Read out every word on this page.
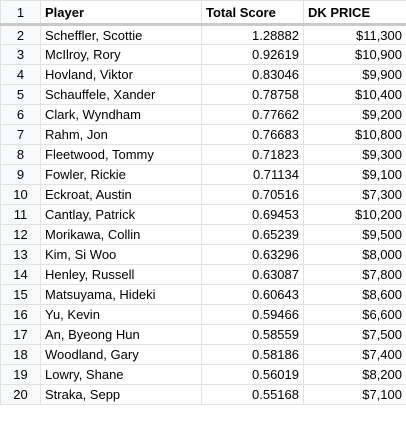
1	Player	Total Score	DK PRICE
2	Scheffler, Scottie	1.28882	$11,300
3	McIlroy, Rory	0.92619	$10,900
4	Hovland, Viktor	0.83046	$9,900
5	Schauffele, Xander	0.78758	$10,400
6	Clark, Wyndham	0.77662	$9,200
7	Rahm, Jon	0.76683	$10,800
8	Fleetwood, Tommy	0.71823	$9,300
9	Fowler, Rickie	0.71134	$9,100
10	Eckroat, Austin	0.70516	$7,300
11	Cantlay, Patrick	0.69453	$10,200
12	Morikawa, Collin	0.65239	$9,500
13	Kim, Si Woo	0.63296	$8,000
14	Henley, Russell	0.63087	$7,800
15	Matsuyama, Hideki	0.60643	$8,600
16	Yu, Kevin	0.59466	$6,600
17	An, Byeong Hun	0.58559	$7,500
18	Woodland, Gary	0.58186	$7,400
19	Lowry, Shane	0.56019	$8,200
20	Straka, Sepp	0.55168	$7,100
